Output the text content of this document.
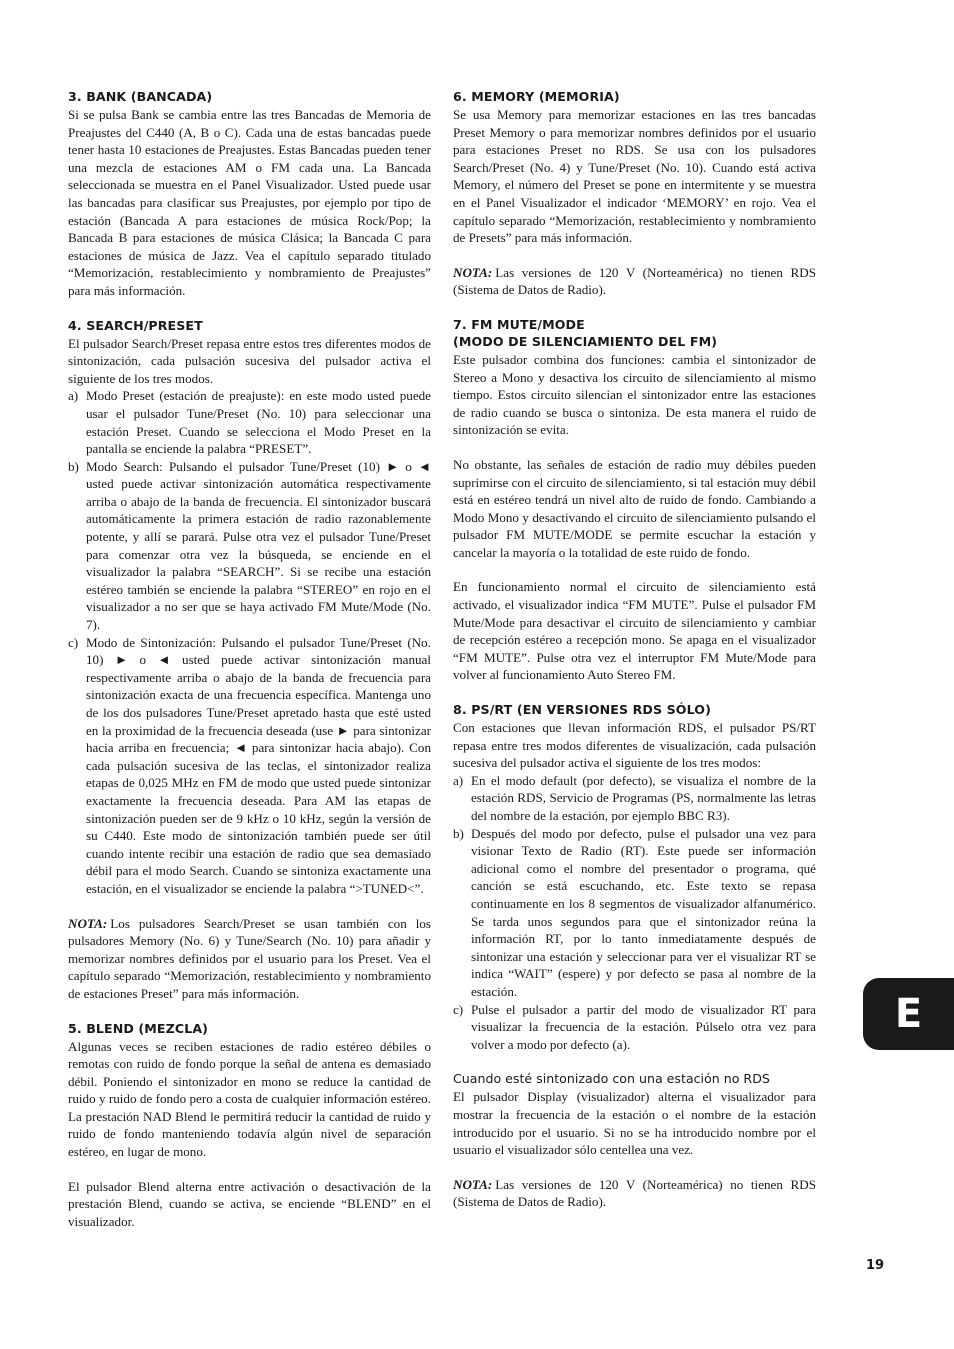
3. BANK (BANCADA)

Si se pulsa Bank se cambia entre las tres Bancadas de Memoria de Preajustes del C440 (A, B o C). Cada una de estas bancadas puede tener hasta 10 estaciones de Preajustes. Estas Bancadas pueden tener una mezcla de estaciones AM o FM cada una. La Bancada seleccionada se muestra en el Panel Visualizador. Usted puede usar las bancadas para clasificar sus Preajustes, por ejemplo por tipo de estación (Bancada A para estaciones de música Rock/Pop; la Bancada B para estaciones de música Clásica; la Bancada C para estaciones de música de Jazz. Vea el capítulo separado titulado “Memorización, restablecimiento y nombramiento de Preajustes” para más información.

4. SEARCH/PRESET

El pulsador Search/Preset repasa entre estos tres diferentes modos de sintonización, cada pulsación sucesiva del pulsador activa el siguiente de los tres modos.

a) Modo Preset (estación de preajuste): en este modo usted puede usar el pulsador Tune/Preset (No. 10) para seleccionar una estación Preset. Cuando se selecciona el Modo Preset en la pantalla se enciende la palabra “PRESET”.
b) Modo Search: Pulsando el pulsador Tune/Preset (10) ► o ◄ usted puede activar sintonización automática respectivamente arriba o abajo de la banda de frecuencia. El sintonizador buscará automáticamente la primera estación de radio razonablemente potente, y allí se parará. Pulse otra vez el pulsador Tune/Preset para comenzar otra vez la búsqueda, se enciende en el visualizador la palabra “SEARCH”. Si se recibe una estación estéreo también se enciende la palabra “STEREO” en rojo en el visualizador a no ser que se haya activado FM Mute/Mode (No. 7).
c) Modo de Sintonización: Pulsando el pulsador Tune/Preset (No. 10) ► o ◄ usted puede activar sintonización manual respectivamente arriba o abajo de la banda de frecuencia para sintonización exacta de una frecuencia específica. Mantenga uno de los dos pulsadores Tune/Preset apretado hasta que esté usted en la proximidad de la frecuencia deseada (use ► para sintonizar hacia arriba en frecuencia; ◄ para sintonizar hacia abajo). Con cada pulsación sucesiva de las teclas, el sintonizador realiza etapas de 0,025 MHz en FM de modo que usted puede sintonizar exactamente la frecuencia deseada. Para AM las etapas de sintonización pueden ser de 9 kHz o 10 kHz, según la versión de su C440. Este modo de sintonización también puede ser útil cuando intente recibir una estación de radio que sea demasiado débil para el modo Search. Cuando se sintoniza exactamente una estación, en el visualizador se enciende la palabra “>TUNED<”.

NOTA: Los pulsadores Search/Preset se usan también con los pulsadores Memory (No. 6) y Tune/Search (No. 10) para añadir y memorizar nombres definidos por el usuario para los Preset. Vea el capítulo separado “Memorización, restablecimiento y nombramiento de estaciones Preset” para más información.

5. BLEND (MEZCLA)

Algunas veces se reciben estaciones de radio estéreo débiles o remotas con ruido de fondo porque la señal de antena es demasiado débil. Poniendo el sintonizador en mono se reduce la cantidad de ruido y ruido de fondo pero a costa de cualquier información estéreo. La prestación NAD Blend le permitirá reducir la cantidad de ruido y ruido de fondo manteniendo todavía algún nivel de separación estéreo, en lugar de mono.

El pulsador Blend alterna entre activación o desactivación de la prestación Blend, cuando se activa, se enciende “BLEND” en el visualizador.

6. MEMORY (MEMORIA)

Se usa Memory para memorizar estaciones en las tres bancadas Preset Memory o para memorizar nombres definidos por el usuario para estaciones Preset no RDS. Se usa con los pulsadores Search/Preset (No. 4) y Tune/Preset (No. 10). Cuando está activa Memory, el número del Preset se pone en intermitente y se muestra en el Panel Visualizador el indicador ‘MEMORY’ en rojo. Vea el capítulo separado “Memorización, restablecimiento y nombramiento de Presets” para más información.

NOTA: Las versiones de 120 V (Norteamérica) no tienen RDS (Sistema de Datos de Radio).

7. FM MUTE/MODE
(MODO DE SILENCIAMIENTO DEL FM)

Este pulsador combina dos funciones: cambia el sintonizador de Stereo a Mono y desactiva los circuito de silenciamiento al mismo tiempo. Estos circuito silencian el sintonizador entre las estaciones de radio cuando se busca o sintoniza. De esta manera el ruido de sintonización se evita.

No obstante, las señales de estación de radio muy débiles pueden suprimirse con el circuito de silenciamiento, si tal estación muy débil está en estéreo tendrá un nivel alto de ruido de fondo. Cambiando a Modo Mono y desactivando el circuito de silenciamiento pulsando el pulsador FM MUTE/MODE se permite escuchar la estación y cancelar la mayoría o la totalidad de este ruido de fondo.

En funcionamiento normal el circuito de silenciamiento está activado, el visualizador indica “FM MUTE”. Pulse el pulsador FM Mute/Mode para desactivar el circuito de silenciamiento y cambiar de recepción estéreo a recepción mono. Se apaga en el visualizador “FM MUTE”. Pulse otra vez el interruptor FM Mute/Mode para volver al funcionamiento Auto Stereo FM.

8. PS/RT (EN VERSIONES RDS SÓLO)

Con estaciones que llevan información RDS, el pulsador PS/RT repasa entre tres modos diferentes de visualización, cada pulsación sucesiva del pulsador activa el siguiente de los tres modos:

a) En el modo default (por defecto), se visualiza el nombre de la estación RDS, Servicio de Programas (PS, normalmente las letras del nombre de la estación, por ejemplo BBC R3).
b) Después del modo por defecto, pulse el pulsador una vez para visionar Texto de Radio (RT). Este puede ser información adicional como el nombre del presentador o programa, qué canción se está escuchando, etc. Este texto se repasa continuamente en los 8 segmentos de visualizador alfanumérico. Se tarda unos segundos para que el sintonizador reúna la información RT, por lo tanto inmediatamente después de sintonizar una estación y seleccionar para ver el visualizar RT se indica “WAIT” (espere) y por defecto se pasa al nombre de la estación.
c) Pulse el pulsador a partir del modo de visualizador RT para visualizar la frecuencia de la estación. Púlselo otra vez para volver a modo por defecto (a).
Cuando esté sintonizado con una estación no RDS

El pulsador Display (visualizador) alterna el visualizador para mostrar la frecuencia de la estación o el nombre de la estación introducido por el usuario. Si no se ha introducido nombre por el usuario el visualizador sólo centellea una vez.

NOTA: Las versiones de 120 V (Norteamérica) no tienen RDS (Sistema de Datos de Radio).

E
19
